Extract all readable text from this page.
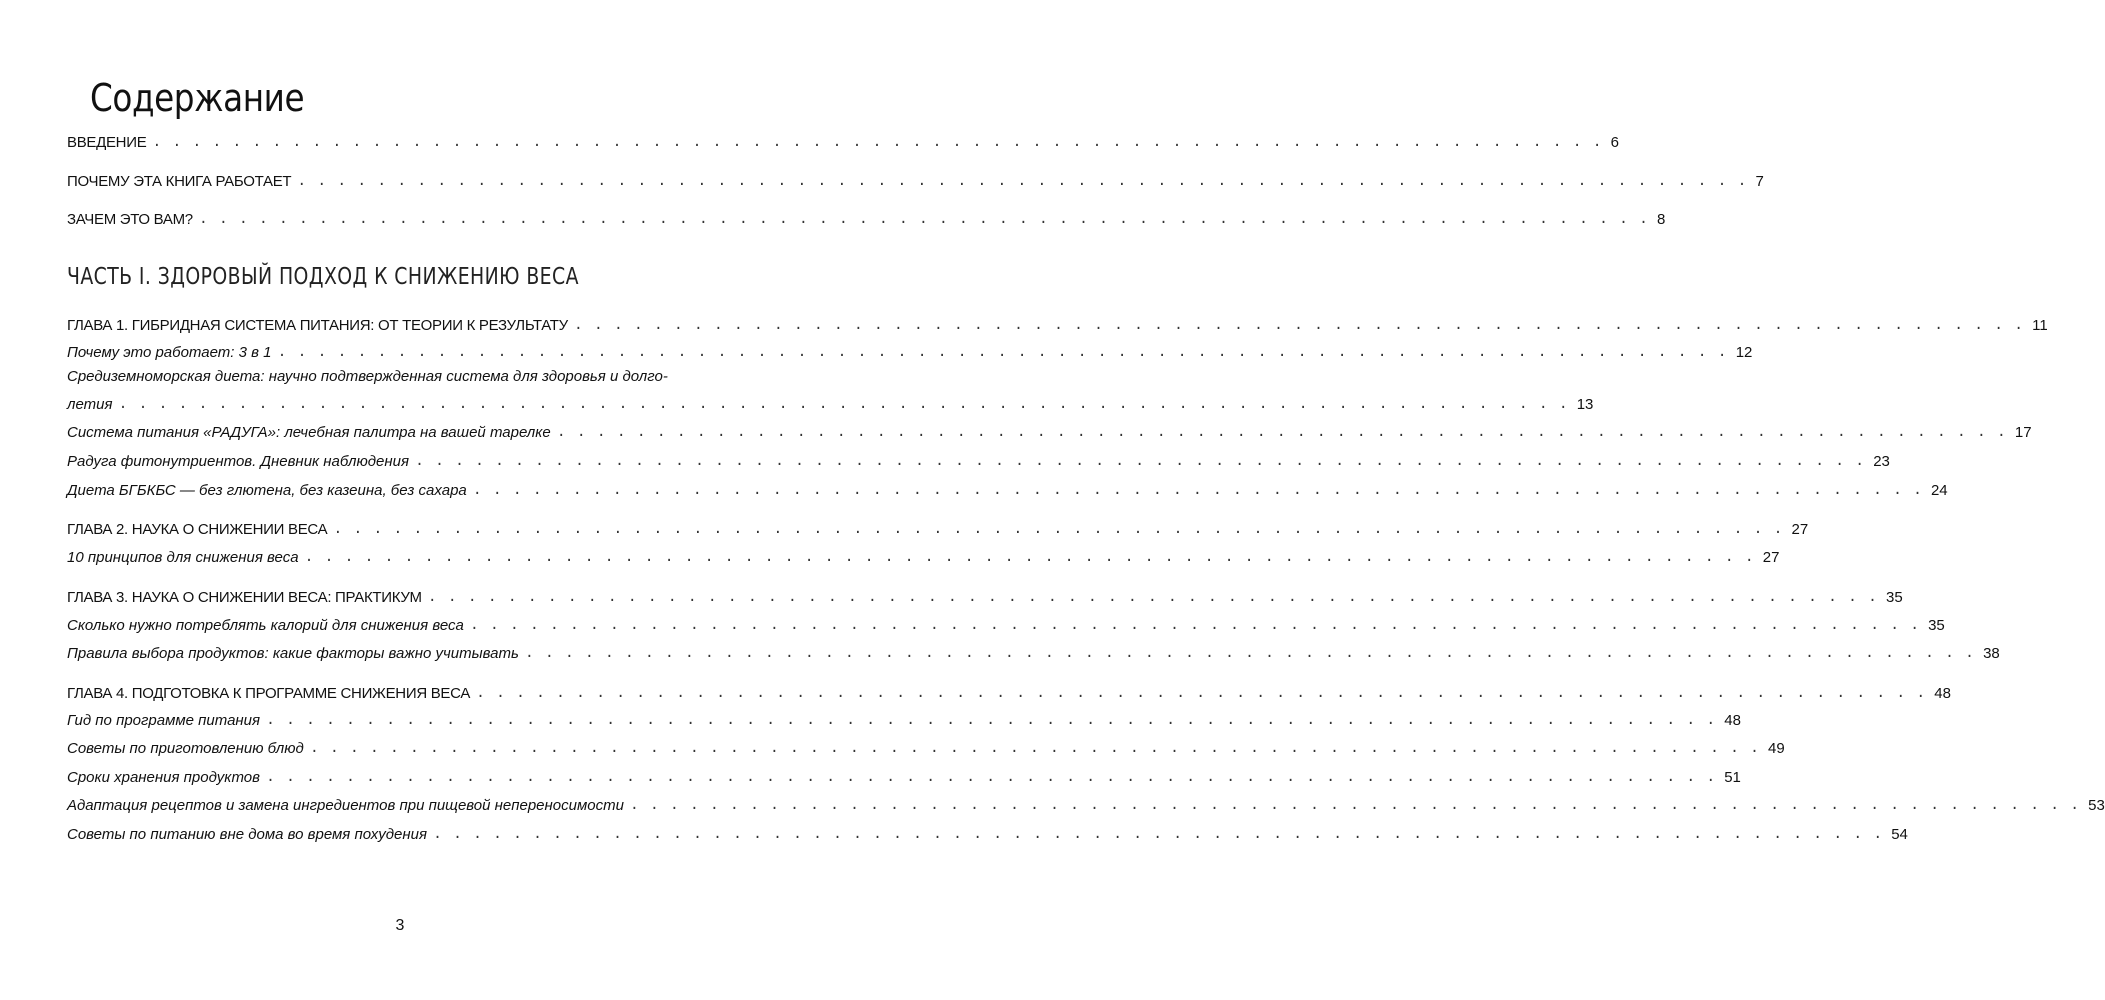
Содержание
ВВЕДЕНИЕ . . . . . . . . . . . . . . . . . . . . . . . . . . . . . . . . . . . . . . . . . . . . . . . . . . . . . . . . . . . . . . . . . . . . . . . . . 6
ПОЧЕМУ ЭТА КНИГА РАБОТАЕТ . . . . . . . . . . . . . . . . . . . . . . . . . . . . . . . . . . . . . . . . . . . . . . . . . . . . . . . . . . . . . . . . . . . . . . . . . 7
ЗАЧЕМ ЭТО ВАМ? . . . . . . . . . . . . . . . . . . . . . . . . . . . . . . . . . . . . . . . . . . . . . . . . . . . . . . . . . . . . . . . . . . . . . . . . . 8
ЧАСТЬ I. ЗДОРОВЫЙ ПОДХОД К СНИЖЕНИЮ ВЕСА
ГЛАВА 1. ГИБРИДНАЯ СИСТЕМА ПИТАНИЯ: ОТ ТЕОРИИ К РЕЗУЛЬТАТУ . . . . . . . . . . . . . . . . . . . . . . . . . . . . . . . . . . . . . . . . . . . . . . . . . . . . . . . . . . . . . . . . . . . . . . . . . 11
Почему это работает: 3 в 1 . . . . . . . . . . . . . . . . . . . . . . . . . . . . . . . . . . . . . . . . . . . . . . . . . . . . . . . . . . . . . . . . . . . . . . . . . 12
Средиземноморская диета: научно подтвержденная система для здоровья и долго-
летия . . . . . . . . . . . . . . . . . . . . . . . . . . . . . . . . . . . . . . . . . . . . . . . . . . . . . . . . . . . . . . . . . . . . . . . . . 13
Система питания «РАДУГА»: лечебная палитра на вашей тарелке . . . . . . . . . . . . . . . . . . . . . . . . . . . . . . . . . . . . . . . . . . . . . . . . . . . . . . . . . . . . . . . . . . . . . . . . . 17
Радуга фитонутриентов. Дневник наблюдения . . . . . . . . . . . . . . . . . . . . . . . . . . . . . . . . . . . . . . . . . . . . . . . . . . . . . . . . . . . . . . . . . . . . . . . . . 23
Диета БГБКБС — без глютена, без казеина, без сахара . . . . . . . . . . . . . . . . . . . . . . . . . . . . . . . . . . . . . . . . . . . . . . . . . . . . . . . . . . . . . . . . . . . . . . . . . 24
ГЛАВА 2. НАУКА О СНИЖЕНИИ ВЕСА . . . . . . . . . . . . . . . . . . . . . . . . . . . . . . . . . . . . . . . . . . . . . . . . . . . . . . . . . . . . . . . . . . . . . . . . . 27
10 принципов для снижения веса . . . . . . . . . . . . . . . . . . . . . . . . . . . . . . . . . . . . . . . . . . . . . . . . . . . . . . . . . . . . . . . . . . . . . . . . . 27
ГЛАВА 3. НАУКА О СНИЖЕНИИ ВЕСА: ПРАКТИКУМ . . . . . . . . . . . . . . . . . . . . . . . . . . . . . . . . . . . . . . . . . . . . . . . . . . . . . . . . . . . . . . . . . . . . . . . . . 35
Сколько нужно потреблять калорий для снижения веса . . . . . . . . . . . . . . . . . . . . . . . . . . . . . . . . . . . . . . . . . . . . . . . . . . . . . . . . . . . . . . . . . . . . . . . . . 35
Правила выбора продуктов: какие факторы важно учитывать . . . . . . . . . . . . . . . . . . . . . . . . . . . . . . . . . . . . . . . . . . . . . . . . . . . . . . . . . . . . . . . . . . . . . . . . . 38
ГЛАВА 4. ПОДГОТОВКА К ПРОГРАММЕ СНИЖЕНИЯ ВЕСА . . . . . . . . . . . . . . . . . . . . . . . . . . . . . . . . . . . . . . . . . . . . . . . . . . . . . . . . . . . . . . . . . . . . . . . . . 48
Гид по программе питания . . . . . . . . . . . . . . . . . . . . . . . . . . . . . . . . . . . . . . . . . . . . . . . . . . . . . . . . . . . . . . . . . . . . . . . . . 48
Советы по приготовлению блюд . . . . . . . . . . . . . . . . . . . . . . . . . . . . . . . . . . . . . . . . . . . . . . . . . . . . . . . . . . . . . . . . . . . . . . . . . 49
Сроки хранения продуктов . . . . . . . . . . . . . . . . . . . . . . . . . . . . . . . . . . . . . . . . . . . . . . . . . . . . . . . . . . . . . . . . . . . . . . . . . 51
Адаптация рецептов и замена ингредиентов при пищевой непереносимости . . . . . . . . . . . . . . . . . . . . . . . . . . . . . . . . . . . . . . . . . . . . . . . . . . . . . . . . . . . . . . . . . . . . . . . . . 53
Советы по питанию вне дома во время похудения . . . . . . . . . . . . . . . . . . . . . . . . . . . . . . . . . . . . . . . . . . . . . . . . . . . . . . . . . . . . . . . . . . . . . . . . . 54
3
